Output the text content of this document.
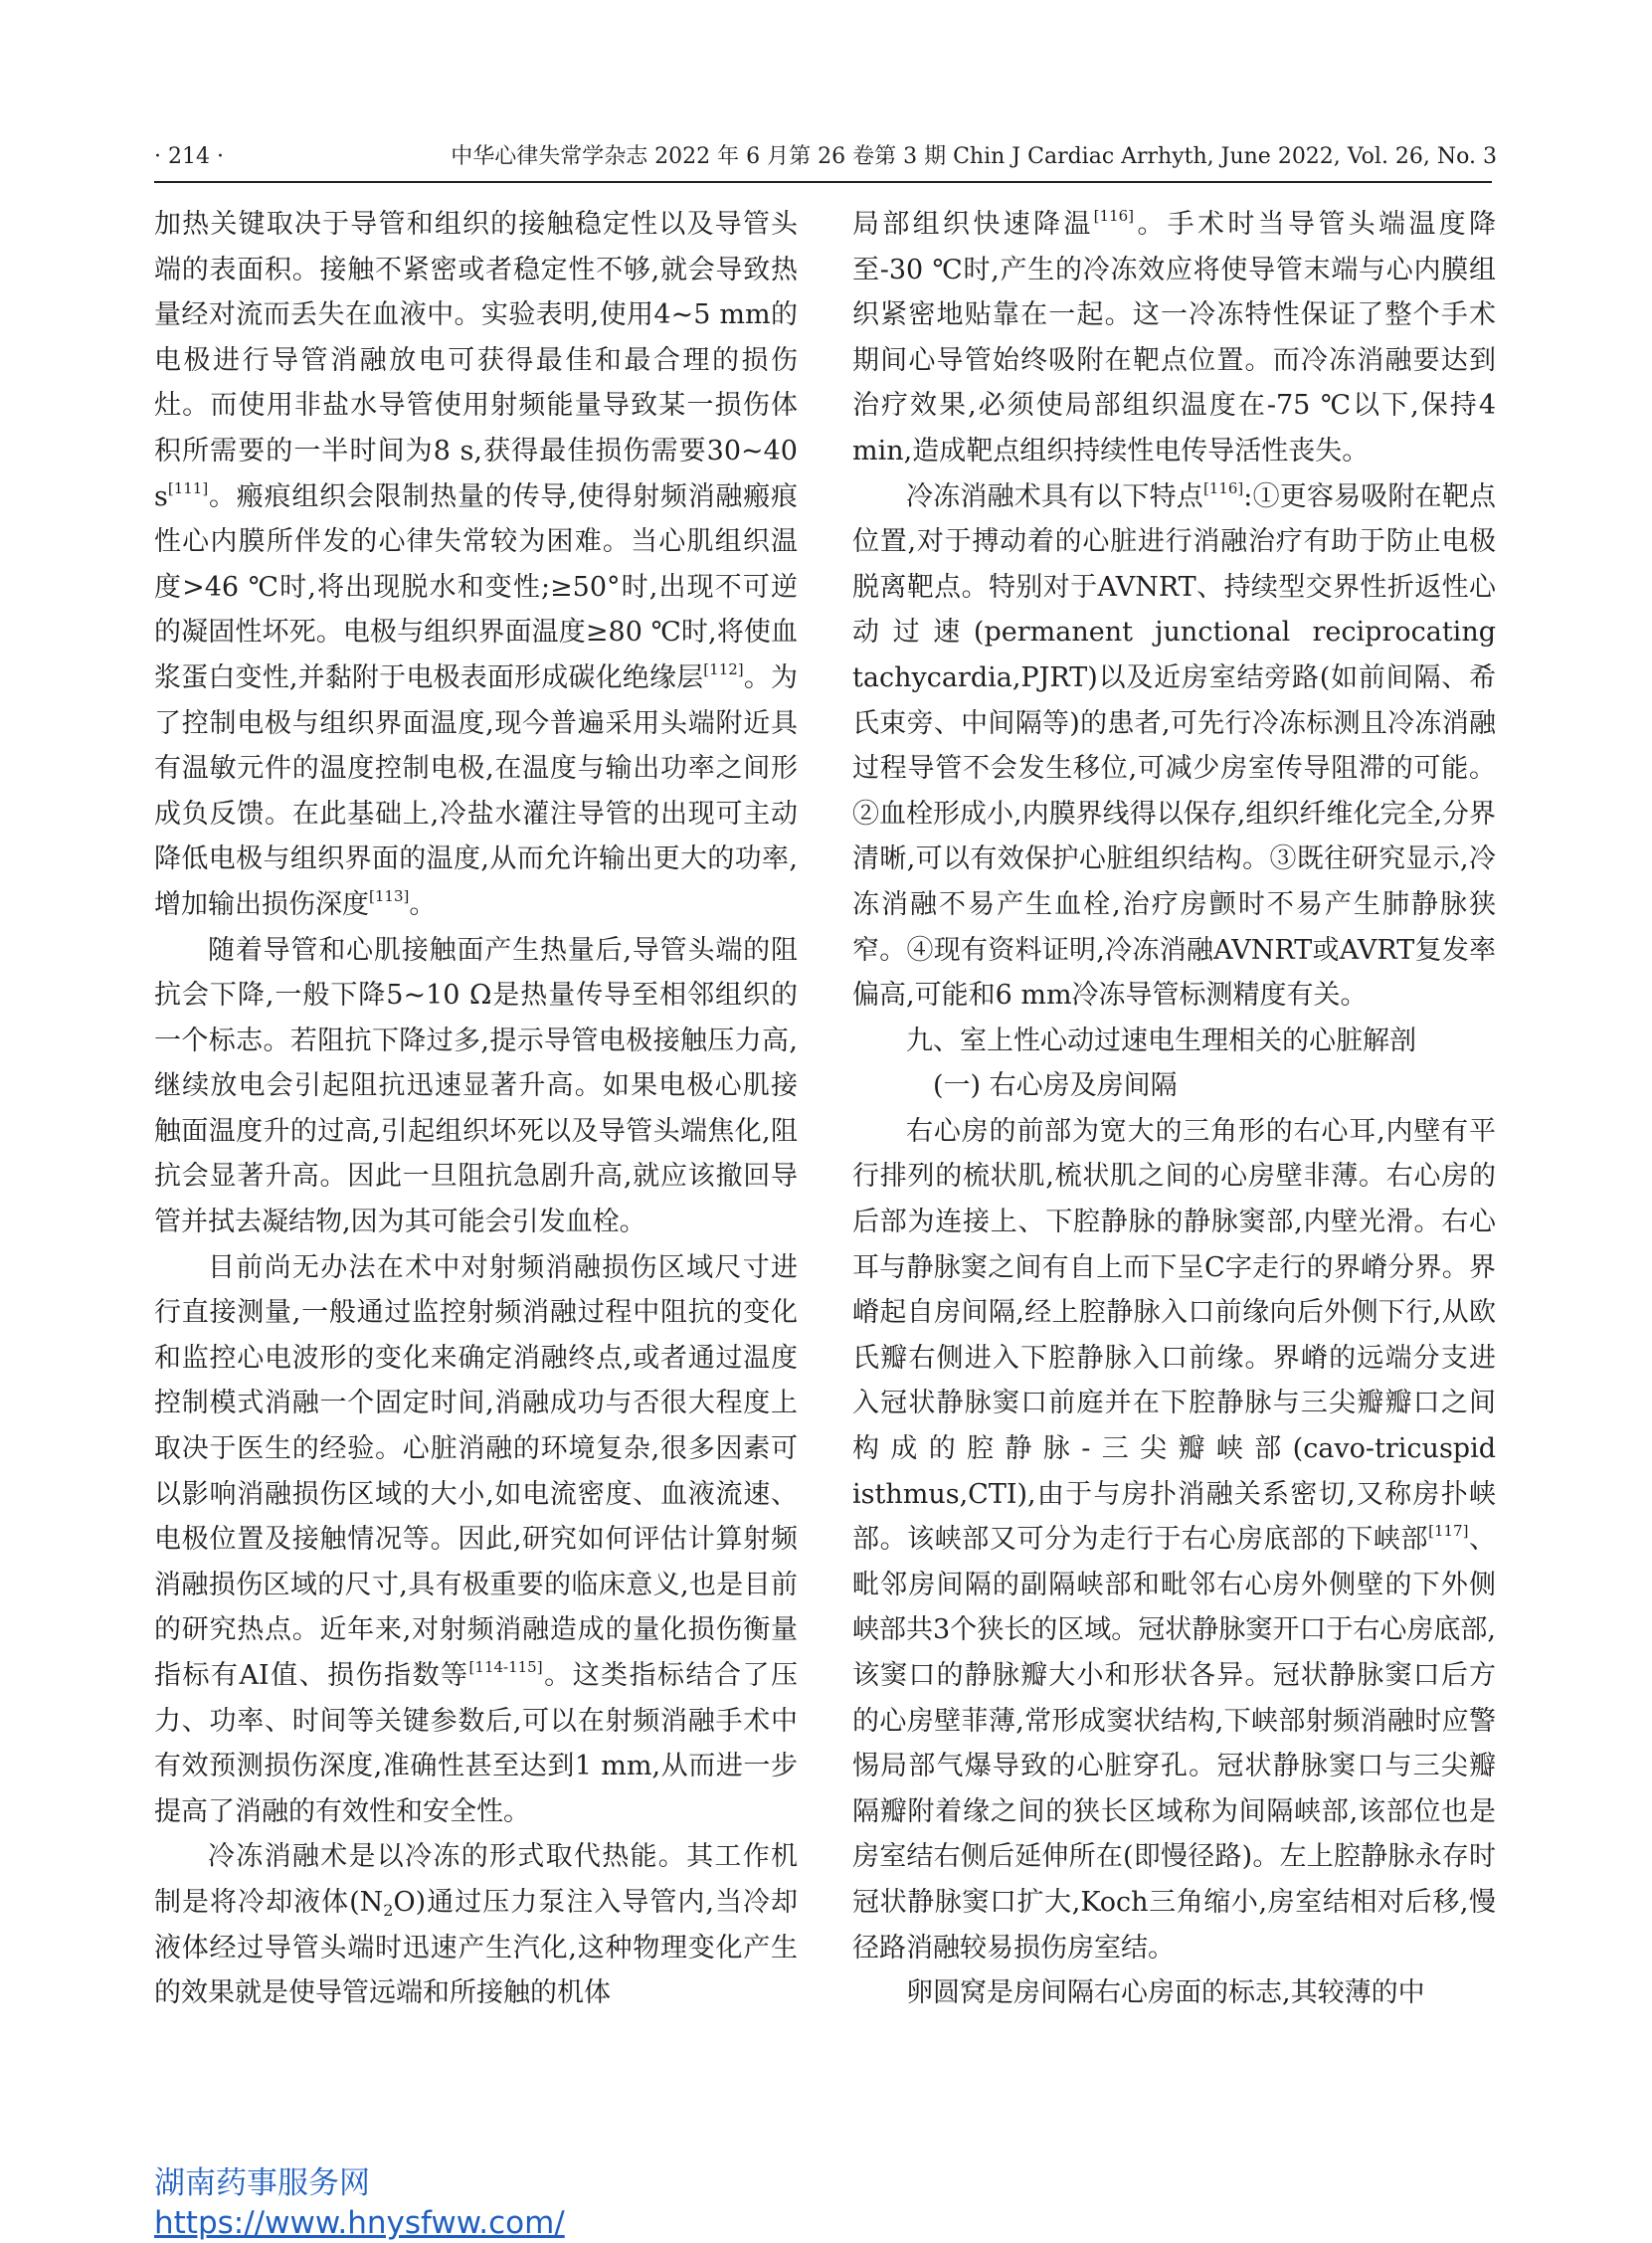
· 214 ·	中华心律失常学杂志 2022 年 6 月第 26 卷第 3 期 Chin J Cardiac Arrhyth, June 2022, Vol. 26, No. 3

加热关键取决于导管和组织的接触稳定性以及导管头端的表面积。接触不紧密或者稳定性不够,就会导致热量经对流而丢失在血液中。实验表明,使用4~5 mm的电极进行导管消融放电可获得最佳和最合理的损伤灶。而使用非盐水导管使用射频能量导致某一损伤体积所需要的一半时间为8 s,获得最佳损伤需要30~40 s[111]。瘢痕组织会限制热量的传导,使得射频消融瘢痕性心内膜所伴发的心律失常较为困难。当心肌组织温度>46 ℃时,将出现脱水和变性;≥50°时,出现不可逆的凝固性坏死。电极与组织界面温度≥80 ℃时,将使血浆蛋白变性,并黏附于电极表面形成碳化绝缘层[112]。为了控制电极与组织界面温度,现今普遍采用头端附近具有温敏元件的温度控制电极,在温度与输出功率之间形成负反馈。在此基础上,冷盐水灌注导管的出现可主动降低电极与组织界面的温度,从而允许输出更大的功率,增加输出损伤深度[113]。

随着导管和心肌接触面产生热量后,导管头端的阻抗会下降,一般下降5~10 Ω是热量传导至相邻组织的一个标志。若阻抗下降过多,提示导管电极接触压力高,继续放电会引起阻抗迅速显著升高。如果电极心肌接触面温度升的过高,引起组织坏死以及导管头端焦化,阻抗会显著升高。因此一旦阻抗急剧升高,就应该撤回导管并拭去凝结物,因为其可能会引发血栓。

目前尚无办法在术中对射频消融损伤区域尺寸进行直接测量,一般通过监控射频消融过程中阻抗的变化和监控心电波形的变化来确定消融终点,或者通过温度控制模式消融一个固定时间,消融成功与否很大程度上取决于医生的经验。心脏消融的环境复杂,很多因素可以影响消融损伤区域的大小,如电流密度、血液流速、电极位置及接触情况等。因此,研究如何评估计算射频消融损伤区域的尺寸,具有极重要的临床意义,也是目前的研究热点。近年来,对射频消融造成的量化损伤衡量指标有AI值、损伤指数等[114-115]。这类指标结合了压力、功率、时间等关键参数后,可以在射频消融手术中有效预测损伤深度,准确性甚至达到1 mm,从而进一步提高了消融的有效性和安全性。

冷冻消融术是以冷冻的形式取代热能。其工作机制是将冷却液体$(N_2O)$通过压力泵注入导管内,当冷却液体经过导管头端时迅速产生汽化,这种物理变化产生的效果就是使导管远端和所接触的机体

局部组织快速降温[116]。手术时当导管头端温度降至-30 ℃时,产生的冷冻效应将使导管末端与心内膜组织紧密地贴靠在一起。这一冷冻特性保证了整个手术期间心导管始终吸附在靶点位置。而冷冻消融要达到治疗效果,必须使局部组织温度在-75 ℃以下,保持4 min,造成靶点组织持续性电传导活性丧失。

冷冻消融术具有以下特点[116]:①更容易吸附在靶点位置,对于搏动着的心脏进行消融治疗有助于防止电极脱离靶点。特别对于AVNRT、持续型交界性折返性心动过速(permanent junctional reciprocating tachycardia,PJRT)以及近房室结旁路(如前间隔、希氏束旁、中间隔等)的患者,可先行冷冻标测且冷冻消融过程导管不会发生移位,可减少房室传导阻滞的可能。②血栓形成小,内膜界线得以保存,组织纤维化完全,分界清晰,可以有效保护心脏组织结构。③既往研究显示,冷冻消融不易产生血栓,治疗房颤时不易产生肺静脉狭窄。④现有资料证明,冷冻消融AVNRT或AVRT复发率偏高,可能和6 mm冷冻导管标测精度有关。

九、室上性心动过速电生理相关的心脏解剖

(一) 右心房及房间隔

右心房的前部为宽大的三角形的右心耳,内壁有平行排列的梳状肌,梳状肌之间的心房壁非薄。右心房的后部为连接上、下腔静脉的静脉窦部,内壁光滑。右心耳与静脉窦之间有自上而下呈C字走行的界嵴分界。界嵴起自房间隔,经上腔静脉入口前缘向后外侧下行,从欧氏瓣右侧进入下腔静脉入口前缘。界嵴的远端分支进入冠状静脉窦口前庭并在下腔静脉与三尖瓣瓣口之间构成的腔静脉-三尖瓣峡部(cavo-tricuspid isthmus,CTI),由于与房扑消融关系密切,又称房扑峡部。该峡部又可分为走行于右心房底部的下峡部[117]、毗邻房间隔的副隔峡部和毗邻右心房外侧壁的下外侧峡部共3个狭长的区域。冠状静脉窦开口于右心房底部,该窦口的静脉瓣大小和形状各异。冠状静脉窦口后方的心房壁菲薄,常形成窦状结构,下峡部射频消融时应警惕局部气爆导致的心脏穿孔。冠状静脉窦口与三尖瓣隔瓣附着缘之间的狭长区域称为间隔峡部,该部位也是房室结右侧后延伸所在(即慢径路)。左上腔静脉永存时冠状静脉窦口扩大,Koch三角缩小,房室结相对后移,慢径路消融较易损伤房室结。

卵圆窝是房间隔右心房面的标志,其较薄的中

湖南药事服务网
https://www.hnysfww.com/
